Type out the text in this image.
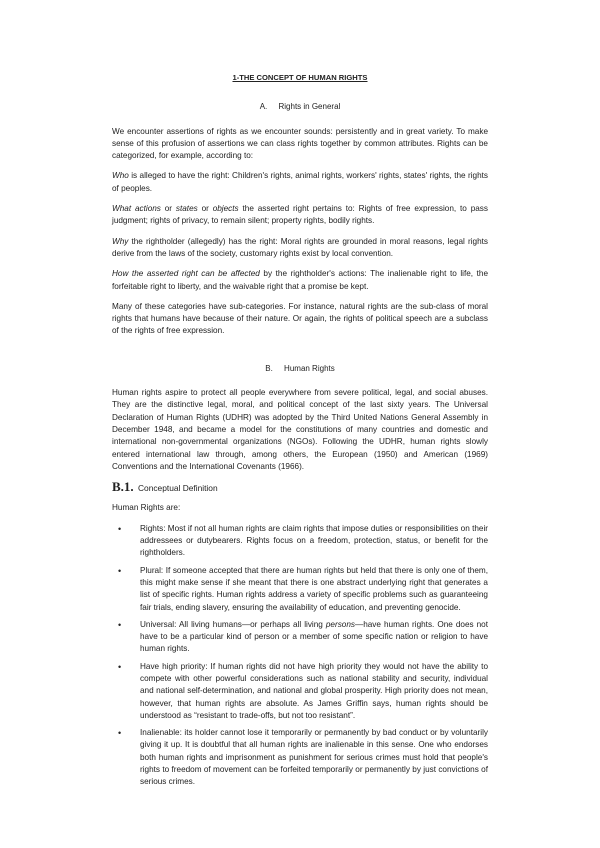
1-THE CONCEPT OF HUMAN RIGHTS
A. Rights in General

We encounter assertions of rights as we encounter sounds: persistently and in great variety. To make sense of this profusion of assertions we can class rights together by common attributes. Rights can be categorized, for example, according to:

Who is alleged to have the right: Children's rights, animal rights, workers' rights, states' rights, the rights of peoples.

What actions or states or objects the asserted right pertains to: Rights of free expression, to pass judgment; rights of privacy, to remain silent; property rights, bodily rights.

Why the rightholder (allegedly) has the right: Moral rights are grounded in moral reasons, legal rights derive from the laws of the society, customary rights exist by local convention.

How the asserted right can be affected by the rightholder's actions: The inalienable right to life, the forfeitable right to liberty, and the waivable right that a promise be kept.

Many of these categories have sub-categories. For instance, natural rights are the sub-class of moral rights that humans have because of their nature. Or again, the rights of political speech are a subclass of the rights of free expression.

B. Human Rights

Human rights aspire to protect all people everywhere from severe political, legal, and social abuses. They are the distinctive legal, moral, and political concept of the last sixty years. The Universal Declaration of Human Rights (UDHR) was adopted by the Third United Nations General Assembly in December 1948, and became a model for the constitutions of many countries and domestic and international non-governmental organizations (NGOs). Following the UDHR, human rights slowly entered international law through, among others, the European (1950) and American (1969) Conventions and the International Covenants (1966).

B.1. Conceptual Definition

Human Rights are:

• Rights: Most if not all human rights are claim rights that impose duties or responsibilities on their addressees or dutybearers. Rights focus on a freedom, protection, status, or benefit for the rightholders.
• Plural: If someone accepted that there are human rights but held that there is only one of them, this might make sense if she meant that there is one abstract underlying right that generates a list of specific rights. Human rights address a variety of specific problems such as guaranteeing fair trials, ending slavery, ensuring the availability of education, and preventing genocide.
• Universal: All living humans—or perhaps all living persons—have human rights. One does not have to be a particular kind of person or a member of some specific nation or religion to have human rights.
• Have high priority: If human rights did not have high priority they would not have the ability to compete with other powerful considerations such as national stability and security, individual and national self-determination, and national and global prosperity. High priority does not mean, however, that human rights are absolute. As James Griffin says, human rights should be understood as “resistant to trade-offs, but not too resistant”.
• Inalienable: its holder cannot lose it temporarily or permanently by bad conduct or by voluntarily giving it up. It is doubtful that all human rights are inalienable in this sense. One who endorses both human rights and imprisonment as punishment for serious crimes must hold that people's rights to freedom of movement can be forfeited temporarily or permanently by just convictions of serious crimes.
